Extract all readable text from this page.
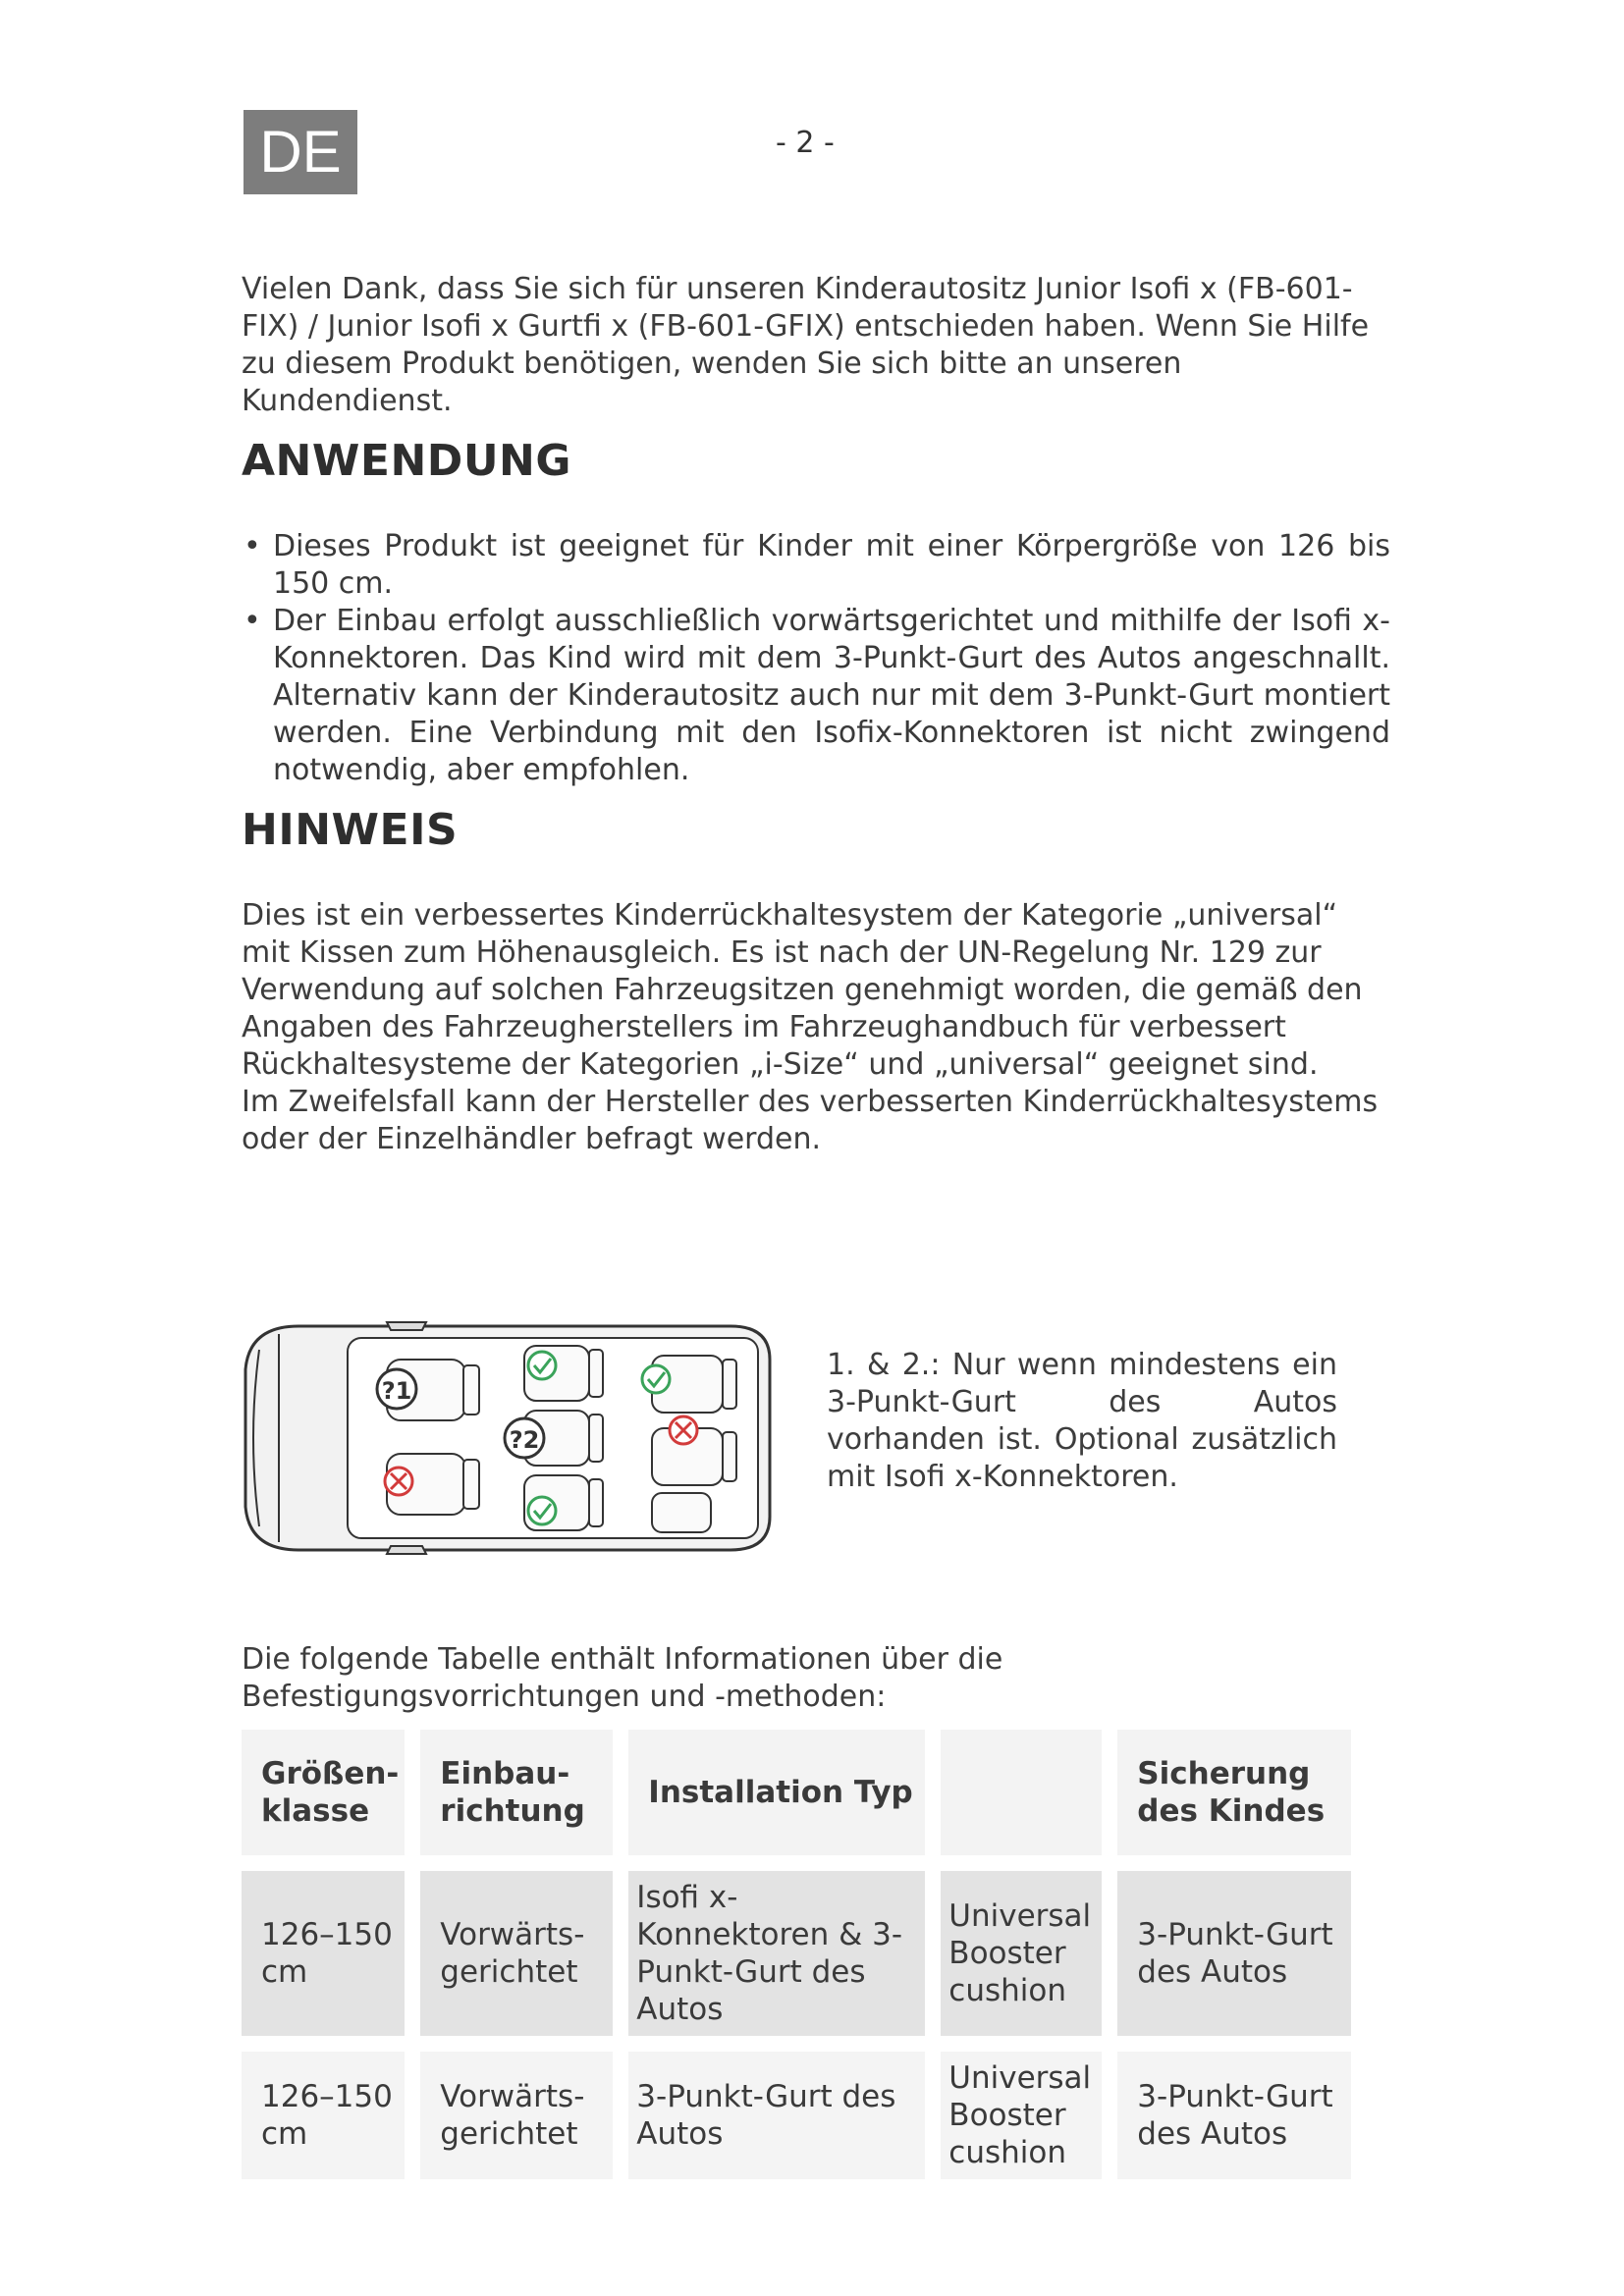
DE	- 2 -

Vielen Dank, dass Sie sich für unseren Kinderautositz Junior Isofi x (FB-601-FIX) / Junior Isofi x Gurtfi x (FB-601-GFIX) entschieden haben. Wenn Sie Hilfe zu diesem Produkt benötigen, wenden Sie sich bitte an unseren Kundendienst.

ANWENDUNG
• Dieses Produkt ist geeignet für Kinder mit einer Körpergröße von 126 bis 150 cm.
• Der Einbau erfolgt ausschließlich vorwärtsgerichtet und mithilfe der Isofi x-Konnektoren. Das Kind wird mit dem 3-Punkt-Gurt des Autos angeschnallt. Alternativ kann der Kinderautositz auch nur mit dem 3-Punkt-Gurt montiert werden. Eine Verbindung mit den Isofix-Konnektoren ist nicht zwingend notwendig, aber empfohlen.
HINWEIS

Dies ist ein verbessertes Kinderrückhaltesystem der Kategorie „universal“ mit Kissen zum Höhenausgleich. Es ist nach der UN-Regelung Nr. 129 zur Verwendung auf solchen Fahrzeugsitzen genehmigt worden, die gemäß den Angaben des Fahrzeugherstellers im Fahrzeughandbuch für verbessert Rückhaltesysteme der Kategorien „i-Size“ und „universal“ geeignet sind.

Im Zweifelsfall kann der Hersteller des verbesserten Kinderrückhaltesystems oder der Einzelhändler befragt werden.

?1
?2
1. & 2.: Nur wenn mindestens ein 3-Punkt-Gurt des Autos vorhanden ist. Optional zusätzlich mit Isofi x-Konnektoren.

Die folgende Tabelle enthält Informationen über die Befestigungsvorrichtungen und -methoden:

Größen-klasse	Einbau-richtung	Installation Typ		Sicherung des Kindes
126–150 cm	Vorwärts-gerichtet	Isofi x-Konnektoren & 3-Punkt-Gurt des Autos	Universal Booster cushion	3-Punkt-Gurt des Autos
126–150 cm	Vorwärts-gerichtet	3-Punkt-Gurt des Autos	Universal Booster cushion	3-Punkt-Gurt des Autos
